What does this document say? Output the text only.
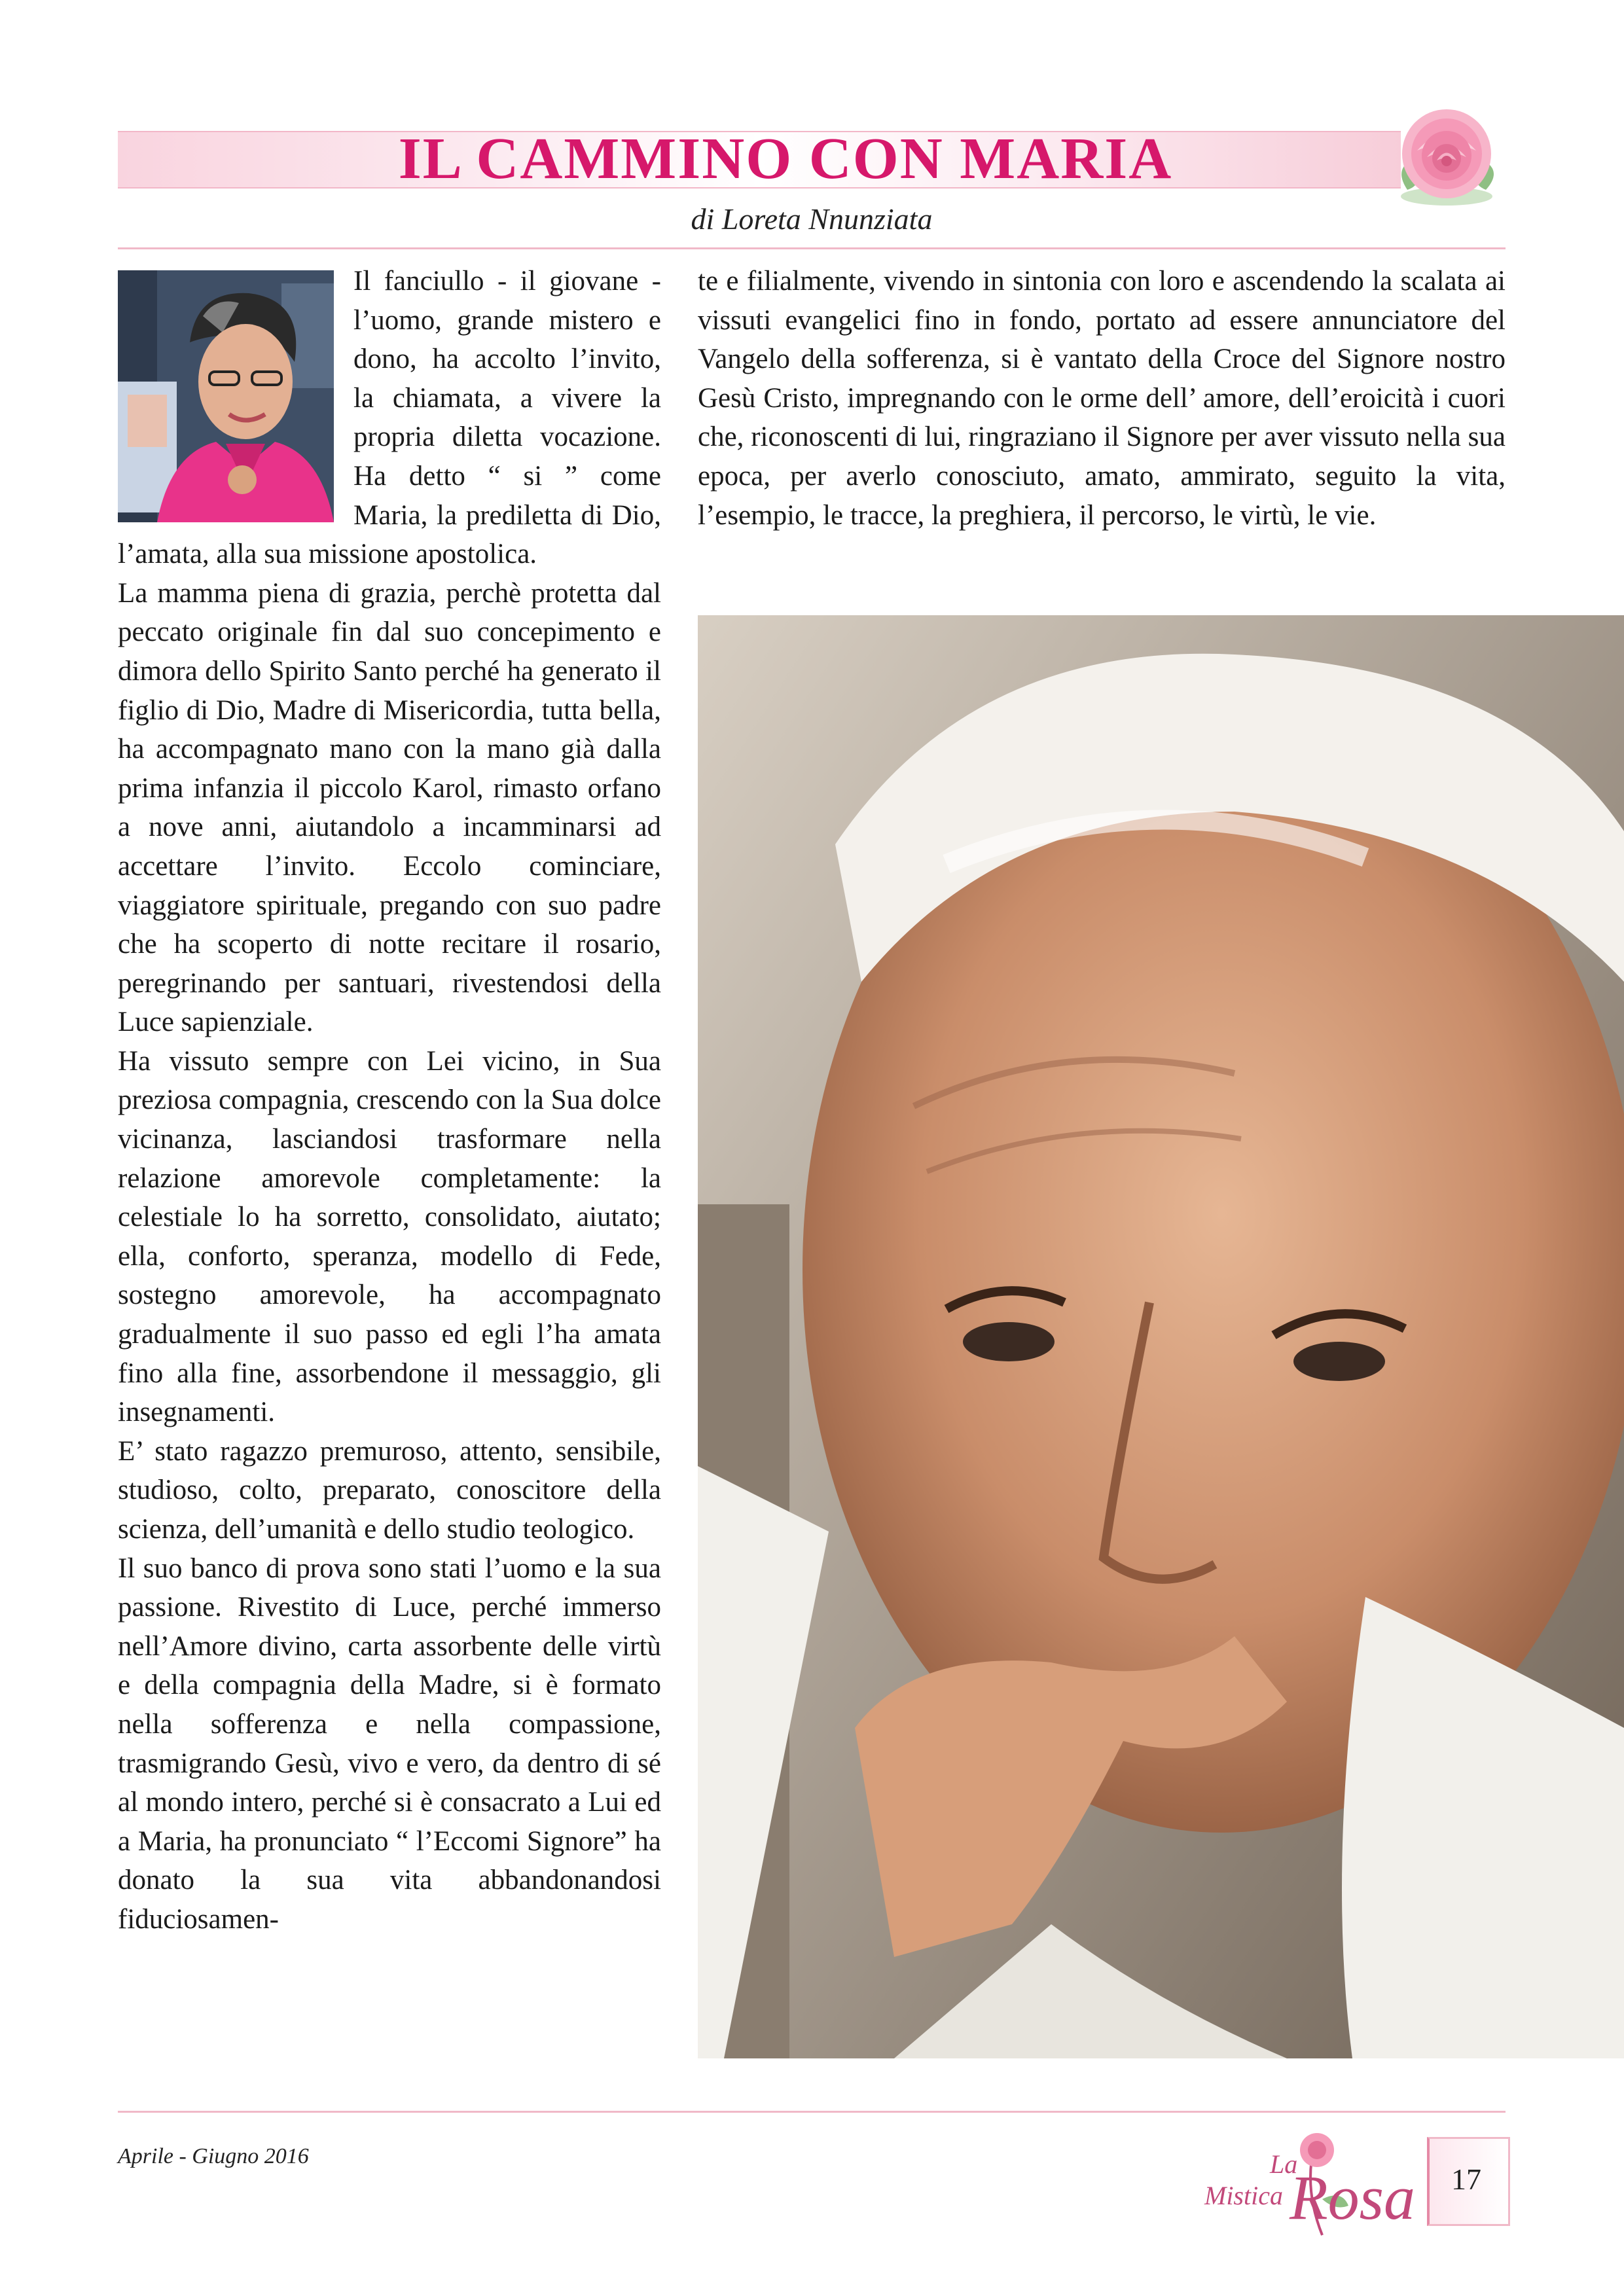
IL CAMMINO CON MARIA
di Loreta Nnunziata

Il fanciullo - il giovane - l’uomo, grande mistero e dono, ha accolto l’invito, la chiamata, a vivere la propria diletta vocazione. Ha detto “ si ” come Maria, la prediletta di Dio, l’amata, alla sua missione apostolica.

La mamma piena di grazia, perchè protetta dal peccato originale fin dal suo concepimento e dimora dello Spirito Santo perché ha generato il figlio di Dio, Madre di Misericordia, tutta bella, ha accompagnato mano con la mano già dalla prima infanzia il piccolo Karol, rimasto orfano a nove anni, aiutandolo a incamminarsi ad accettare l’invito. Eccolo cominciare, viaggiatore spirituale, pregando con suo padre che ha scoperto di notte recitare il rosario, peregrinando per santuari, rivestendosi della Luce sapienziale.

Ha vissuto sempre con Lei vicino, in Sua preziosa compagnia, crescendo con la Sua dolce vicinanza, lasciandosi trasformare nella relazione amorevole completamente: la celestiale lo ha sorretto, consolidato, aiutato; ella, conforto, speranza, modello di Fede, sostegno amorevole, ha accompagnato gradualmente il suo passo ed egli l’ha amata fino alla fine, assorbendone il messaggio, gli insegnamenti.

E’ stato ragazzo premuroso, attento, sensibile, studioso, colto, preparato, conoscitore della scienza, dell’umanità e dello studio teologico.

Il suo banco di prova sono stati l’uomo e la sua passione. Rivestito di Luce, perché immerso nell’Amore divino, carta assorbente delle virtù e della compagnia della Madre, si è formato nella sofferenza e nella compassione, trasmigrando Gesù, vivo e vero, da dentro di sé al mondo intero, perché si è consacrato a Lui ed a Maria, ha pronunciato “ l’Eccomi Signore” ha donato la sua vita abbandonandosi fiduciosamen-

te e filialmente, vivendo in sintonia con loro e ascendendo la scalata ai vissuti evangelici fino in fondo, portato ad essere annunciatore del Vangelo della sofferenza, si è vantato della Croce del Signore nostro Gesù Cristo, impregnando con le orme dell’ amore, dell’eroicità i cuori che, riconoscenti di lui, ringraziano il Signore per aver vissuto nella sua epoca, per averlo conosciuto, amato, ammirato, seguito la vita, l’esempio, le tracce, la preghiera, il percorso, le virtù, le vie.

Aprile - Giugno 2016	La
Mistica Rosa	17
